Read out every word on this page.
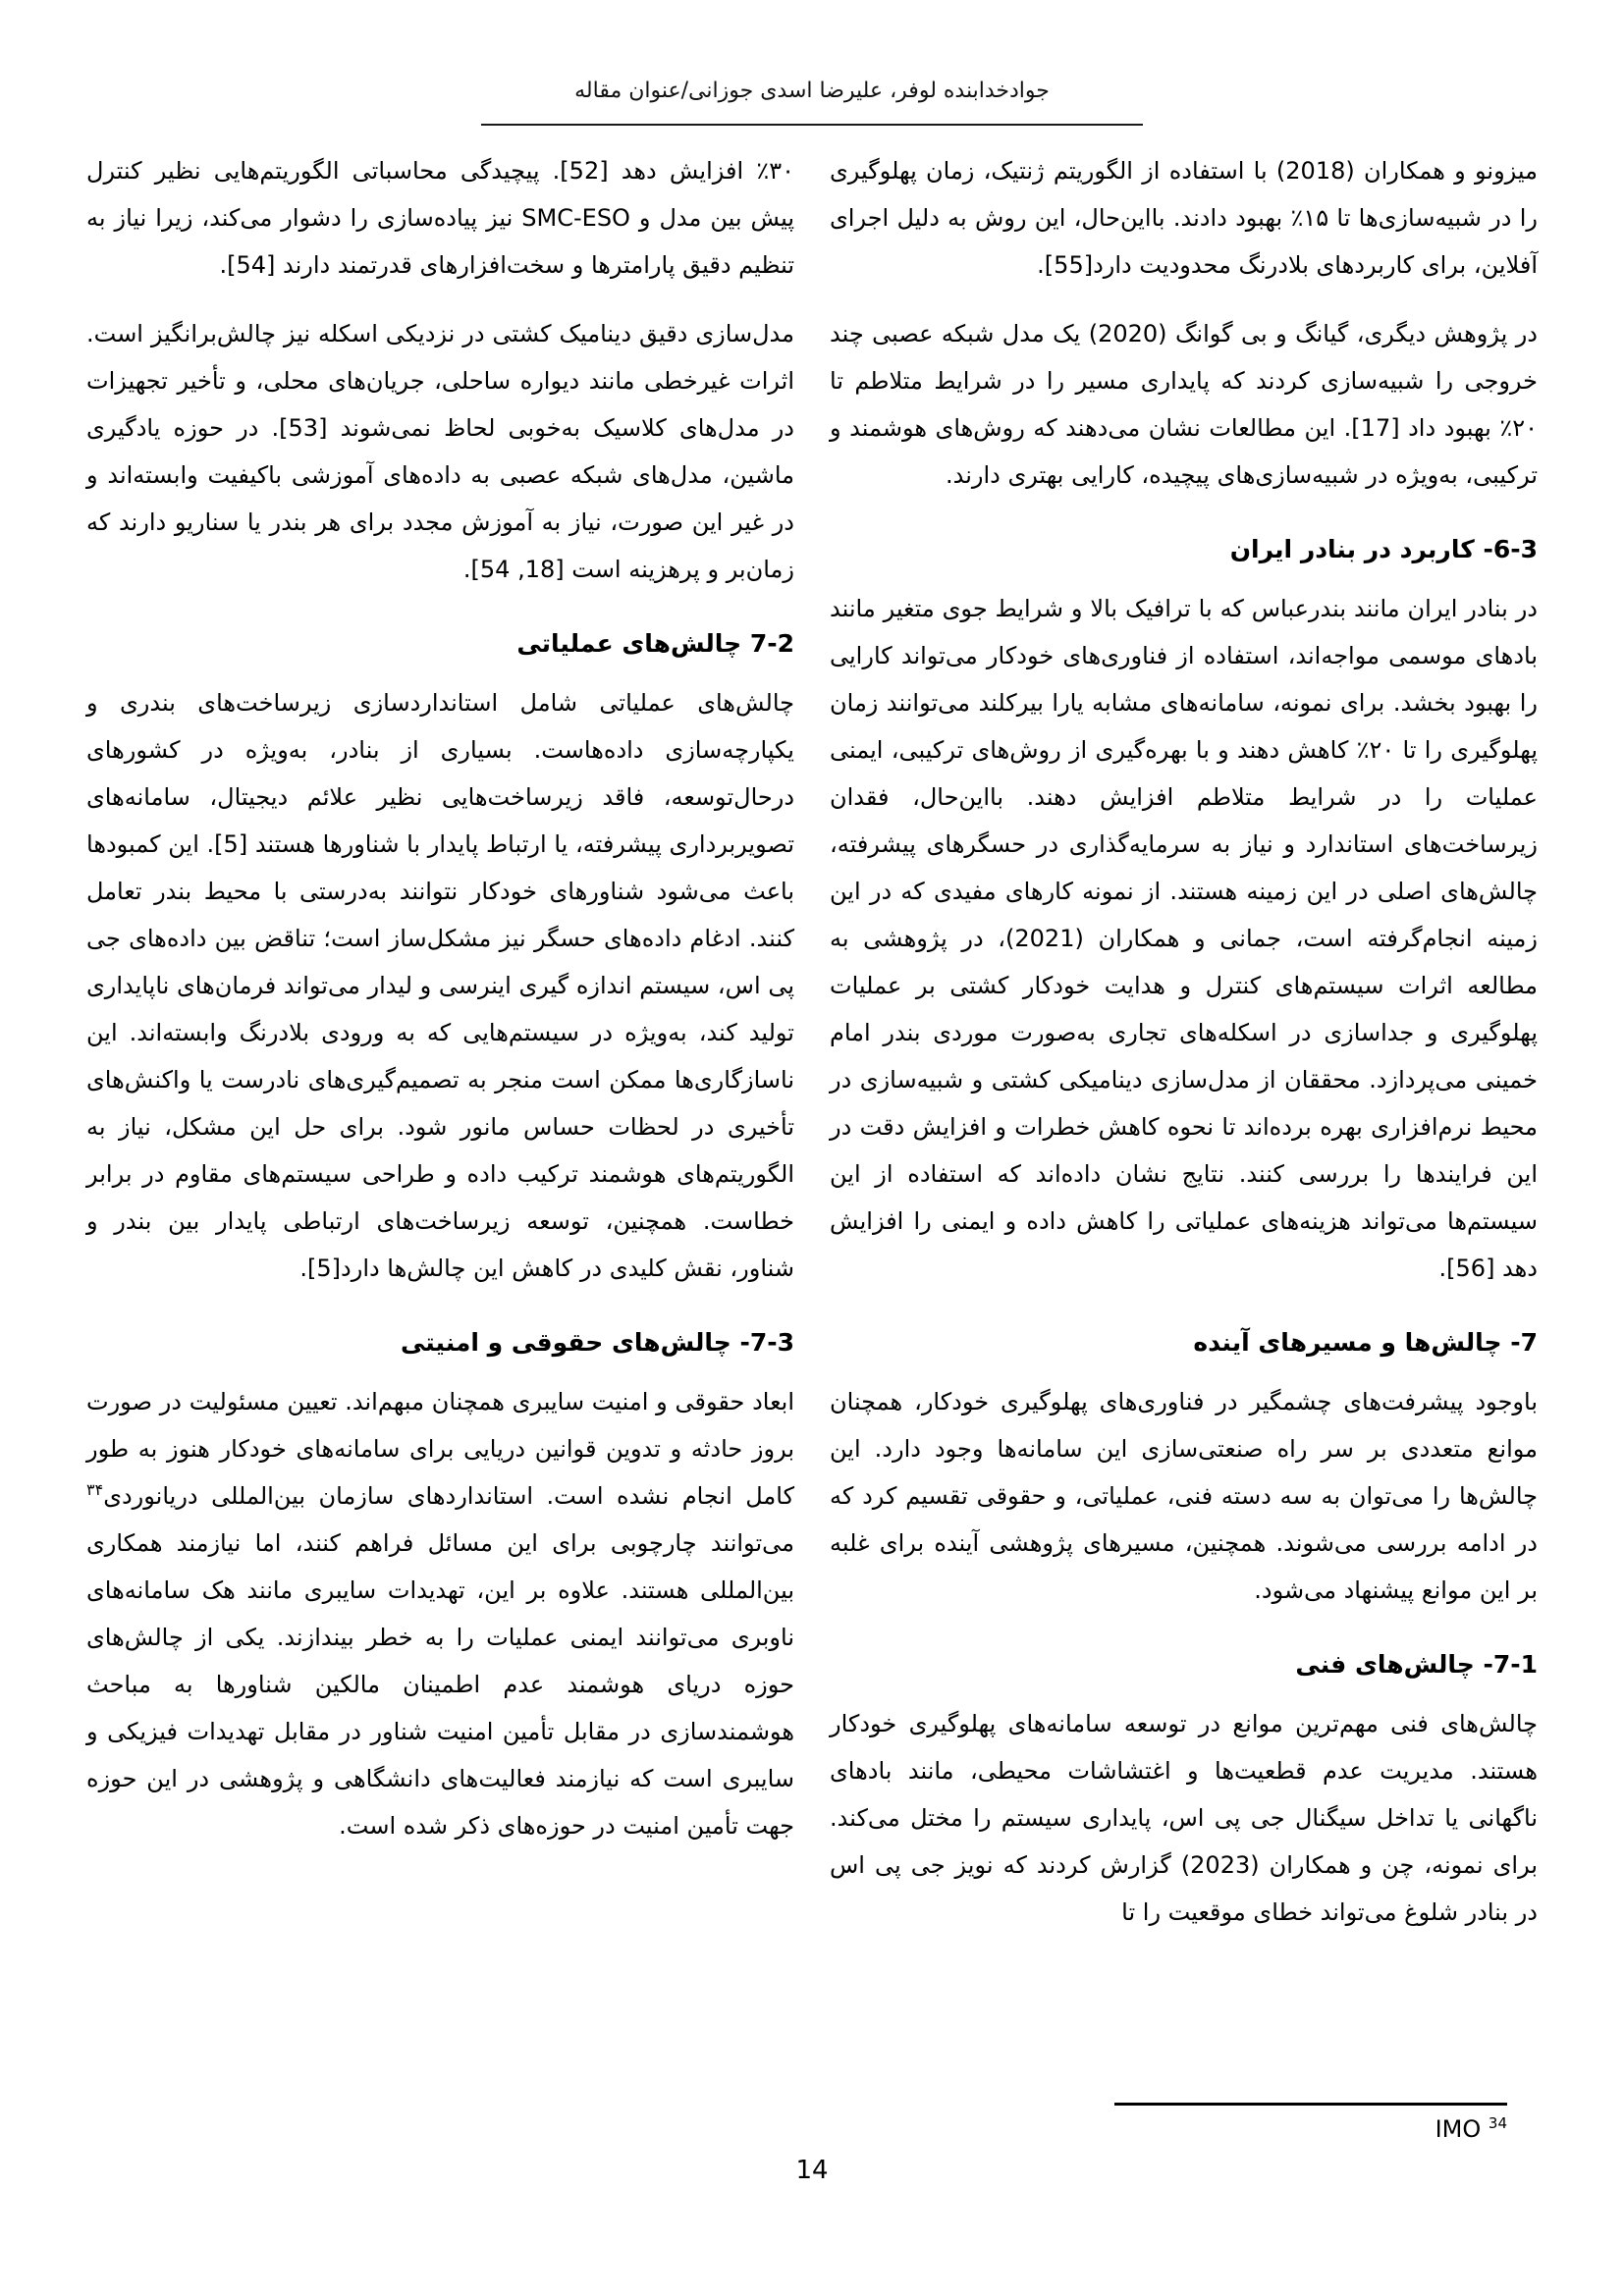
جوادخدابنده لوفر، علیرضا اسدی جوزانی/عنوان مقاله

میزونو و همکاران (2018) با استفاده از الگوریتم ژنتیک، زمان پهلوگیری را در شبیه‌سازی‌ها تا ۱۵‏٪ بهبود دادند. بااین‌حال، این روش به دلیل اجرای آفلاین، برای کاربردهای بلادرنگ محدودیت دارد[55].

در پژوهش دیگری، گیانگ و بی گوانگ (2020) یک مدل شبکه عصبی چند خروجی را شبیه‌سازی کردند که پایداری مسیر را در شرایط متلاطم تا ۲۰‏٪ بهبود داد [17]. این مطالعات نشان می‌دهند که روش‌های هوشمند و ترکیبی، به‌ویژه در شبیه‌سازی‌های پیچیده، کارایی بهتری دارند.

6-3- کاربرد در بنادر ایران

در بنادر ایران مانند بندرعباس که با ترافیک بالا و شرایط جوی متغیر مانند بادهای موسمی مواجه‌اند، استفاده از فناوری‌های خودکار می‌تواند کارایی را بهبود بخشد. برای نمونه، سامانه‌های مشابه یارا بیرکلند می‌توانند زمان پهلوگیری را تا ۲۰‏٪ کاهش دهند و با بهره‌گیری از روش‌های ترکیبی، ایمنی عملیات را در شرایط متلاطم افزایش دهند. بااین‌حال، فقدان زیرساخت‌های استاندارد و نیاز به سرمایه‌گذاری در حسگرهای پیشرفته، چالش‌های اصلی در این زمینه هستند. از نمونه کارهای مفیدی که در این زمینه انجام‌گرفته است، جمانی و همکاران (2021)، در پژوهشی به مطالعه اثرات سیستم‌های کنترل و هدایت خودکار کشتی بر عملیات پهلوگیری و جداسازی در اسکله‌های تجاری به‌صورت موردی بندر امام خمینی می‌پردازد. محققان از مدل‌سازی دینامیکی کشتی و شبیه‌سازی در محیط نرم‌افزاری بهره برده‌اند تا نحوه کاهش خطرات و افزایش دقت در این فرایندها را بررسی کنند. نتایج نشان داده‌اند که استفاده از این سیستم‌ها می‌تواند هزینه‌های عملیاتی را کاهش داده و ایمنی را افزایش دهد [56].

7- چالش‌ها و مسیرهای آینده

باوجود پیشرفت‌های چشمگیر در فناوری‌های پهلوگیری خودکار، همچنان موانع متعددی بر سر راه صنعتی‌سازی این سامانه‌ها وجود دارد. این چالش‌ها را می‌توان به سه دسته فنی، عملیاتی، و حقوقی تقسیم کرد که در ادامه بررسی می‌شوند. همچنین، مسیرهای پژوهشی آینده برای غلبه بر این موانع پیشنهاد می‌شود.

7-1- چالش‌های فنی

چالش‌های فنی مهم‌ترین موانع در توسعه سامانه‌های پهلوگیری خودکار هستند. مدیریت عدم قطعیت‌ها و اغتشاشات محیطی، مانند بادهای ناگهانی یا تداخل سیگنال جی پی اس، پایداری سیستم را مختل می‌کند. برای نمونه، چن و همکاران (2023) گزارش کردند که نویز جی پی اس در بنادر شلوغ می‌تواند خطای موقعیت را تا

۳۰‏٪ افزایش دهد [52]. پیچیدگی محاسباتی الگوریتم‌هایی نظیر کنترل پیش بین مدل و SMC-ESO نیز پیاده‌سازی را دشوار می‌کند، زیرا نیاز به تنظیم دقیق پارامترها و سخت‌افزارهای قدرتمند دارند [54].

مدل‌سازی دقیق دینامیک کشتی در نزدیکی اسکله نیز چالش‌برانگیز است. اثرات غیرخطی مانند دیواره ساحلی، جریان‌های محلی، و تأخیر تجهیزات در مدل‌های کلاسیک به‌خوبی لحاظ نمی‌شوند [53]. در حوزه یادگیری ماشین، مدل‌های شبکه عصبی به داده‌های آموزشی باکیفیت وابسته‌اند و در غیر این صورت، نیاز به آموزش مجدد برای هر بندر یا سناریو دارند که زمان‌بر و پرهزینه است [18, 54].

7-2 چالش‌های عملیاتی

چالش‌های عملیاتی شامل استانداردسازی زیرساخت‌های بندری و یکپارچه‌سازی داده‌هاست. بسیاری از بنادر، به‌ویژه در کشورهای درحال‌توسعه، فاقد زیرساخت‌هایی نظیر علائم دیجیتال، سامانه‌های تصویربرداری پیشرفته، یا ارتباط پایدار با شناورها هستند [5]. این کمبودها باعث می‌شود شناورهای خودکار نتوانند به‌درستی با محیط بندر تعامل کنند. ادغام داده‌های حسگر نیز مشکل‌ساز است؛ تناقض بین داده‌های جی پی اس، سیستم اندازه گیری اینرسی و لیدار می‌تواند فرمان‌های ناپایداری تولید کند، به‌ویژه در سیستم‌هایی که به ورودی بلادرنگ وابسته‌اند. این ناسازگاری‌ها ممکن است منجر به تصمیم‌گیری‌های نادرست یا واکنش‌های تأخیری در لحظات حساس مانور شود. برای حل این مشکل، نیاز به الگوریتم‌های هوشمند ترکیب داده و طراحی سیستم‌های مقاوم در برابر خطاست. همچنین، توسعه زیرساخت‌های ارتباطی پایدار بین بندر و شناور، نقش کلیدی در کاهش این چالش‌ها دارد[5].

7-3- چالش‌های حقوقی و امنیتی

ابعاد حقوقی و امنیت سایبری همچنان مبهم‌اند. تعیین مسئولیت در صورت بروز حادثه و تدوین قوانین دریایی برای سامانه‌های خودکار هنوز به طور کامل انجام نشده است. استانداردهای سازمان بین‌المللی دریانوردی$^{۳۴}$ می‌توانند چارچوبی برای این مسائل فراهم کنند، اما نیازمند همکاری بین‌المللی هستند. علاوه بر این، تهدیدات سایبری مانند هک سامانه‌های ناوبری می‌توانند ایمنی عملیات را به خطر بیندازند. یکی از چالش‌های حوزه دریای هوشمند عدم اطمینان مالکین شناورها به مباحث هوشمندسازی در مقابل تأمین امنیت شناور در مقابل تهدیدات فیزیکی و سایبری است که نیازمند فعالیت‌های دانشگاهی و پژوهشی در این حوزه جهت تأمین امنیت در حوزه‌های ذکر شده است.

$^{34}$ IMO
14
